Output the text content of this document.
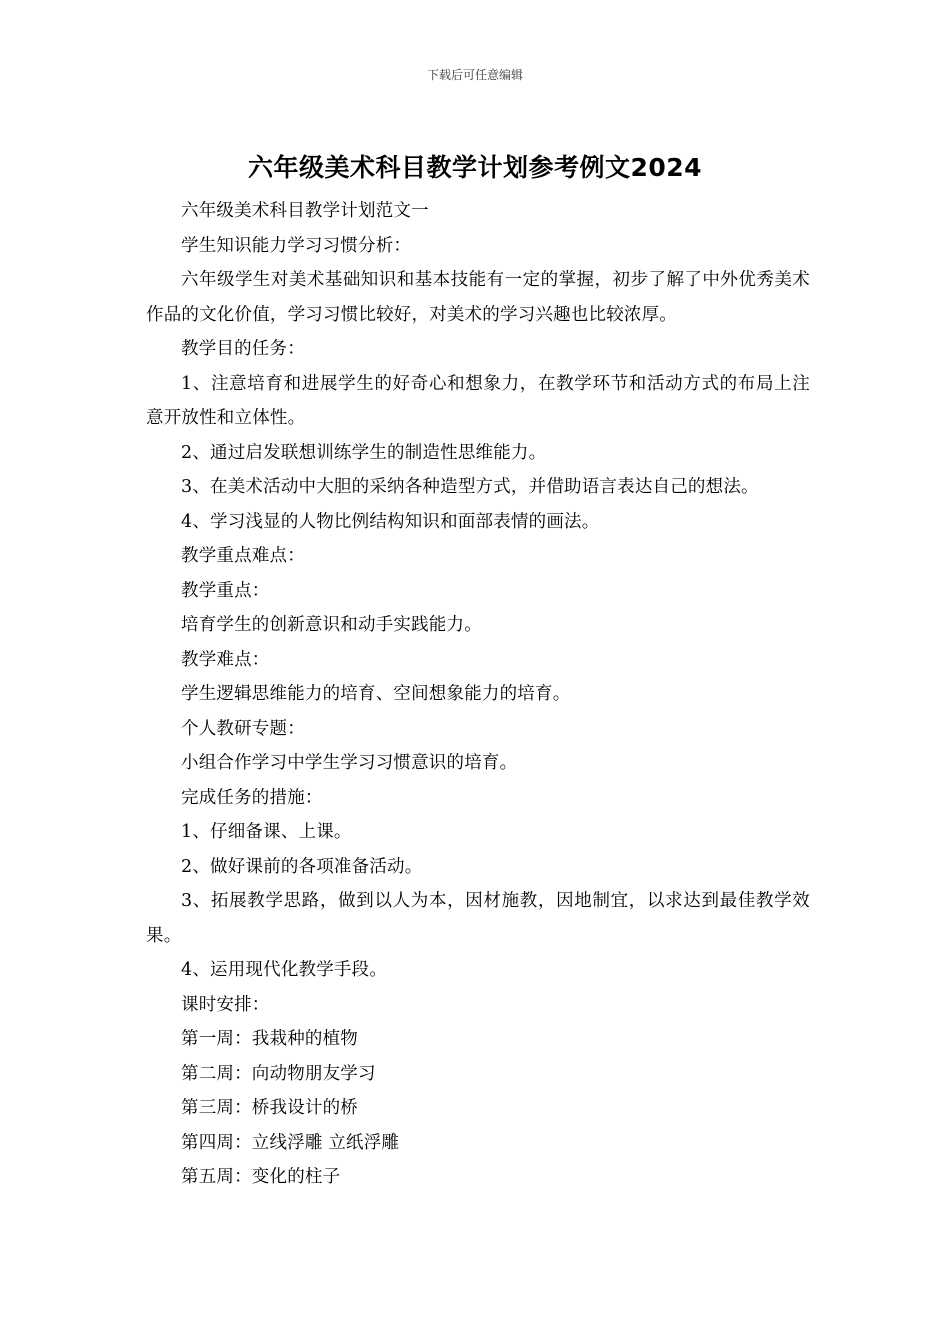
下载后可任意编辑
六年级美术科目教学计划参考例文2024

六年级美术科目教学计划范文一

学生知识能力学习习惯分析：

六年级学生对美术基础知识和基本技能有一定的掌握，初步了解了中外优秀美术作品的文化价值，学习习惯比较好，对美术的学习兴趣也比较浓厚。

教学目的任务：

1、注意培育和进展学生的好奇心和想象力，在教学环节和活动方式的布局上注意开放性和立体性。

2、通过启发联想训练学生的制造性思维能力。

3、在美术活动中大胆的采纳各种造型方式，并借助语言表达自己的想法。

4、学习浅显的人物比例结构知识和面部表情的画法。

教学重点难点：

教学重点：

培育学生的创新意识和动手实践能力。

教学难点：

学生逻辑思维能力的培育、空间想象能力的培育。

个人教研专题：

小组合作学习中学生学习习惯意识的培育。

完成任务的措施：

1、仔细备课、上课。

2、做好课前的各项准备活动。

3、拓展教学思路，做到以人为本，因材施教，因地制宜，以求达到最佳教学效果。

4、运用现代化教学手段。

课时安排：

第一周：我栽种的植物

第二周：向动物朋友学习

第三周：桥我设计的桥

第四周：立线浮雕 立纸浮雕

第五周：变化的柱子
